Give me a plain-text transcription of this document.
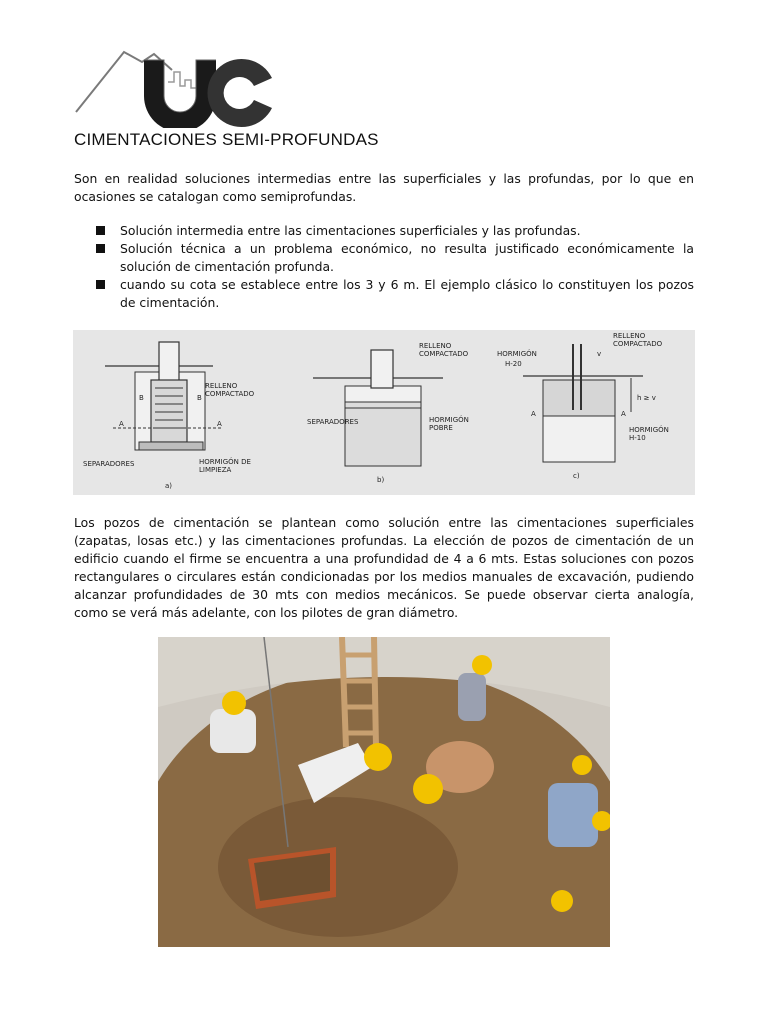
CIMENTACIONES SEMI-PROFUNDAS

Son en realidad soluciones intermedias entre las superficiales y las profundas, por lo que en ocasiones se catalogan como semiprofundas.

Solución intermedia entre las cimentaciones superficiales y las profundas.
Solución técnica a un problema económico, no resulta justificado económicamente la solución de cimentación profunda.
cuando su cota se establece entre los 3 y 6 m. El ejemplo clásico lo constituyen los pozos de cimentación.
RELLENO
COMPACTADO
B	B
A	A
SEPARADORES	HORMIGÓN DE
LIMPIEZA
a)
RELLENO
COMPACTADO
SEPARADORES	HORMIGÓN
POBRE
b)
RELLENO
COMPACTADO
HORMIGÓN
H-20
v
h ≥ v
A	A
HORMIGÓN
H-10
c)

Los pozos de cimentación se plantean como solución entre las cimentaciones superficiales (zapatas, losas etc.) y las cimentaciones profundas. La elección de pozos de cimentación de un edificio cuando el firme se encuentra a una profundidad de 4 a 6 mts. Estas soluciones con pozos rectangulares o circulares están condicionadas por los medios manuales de excavación, pudiendo alcanzar profundidades de 30 mts con medios mecánicos. Se puede observar cierta analogía, como se verá más adelante, con los pilotes de gran diámetro.
